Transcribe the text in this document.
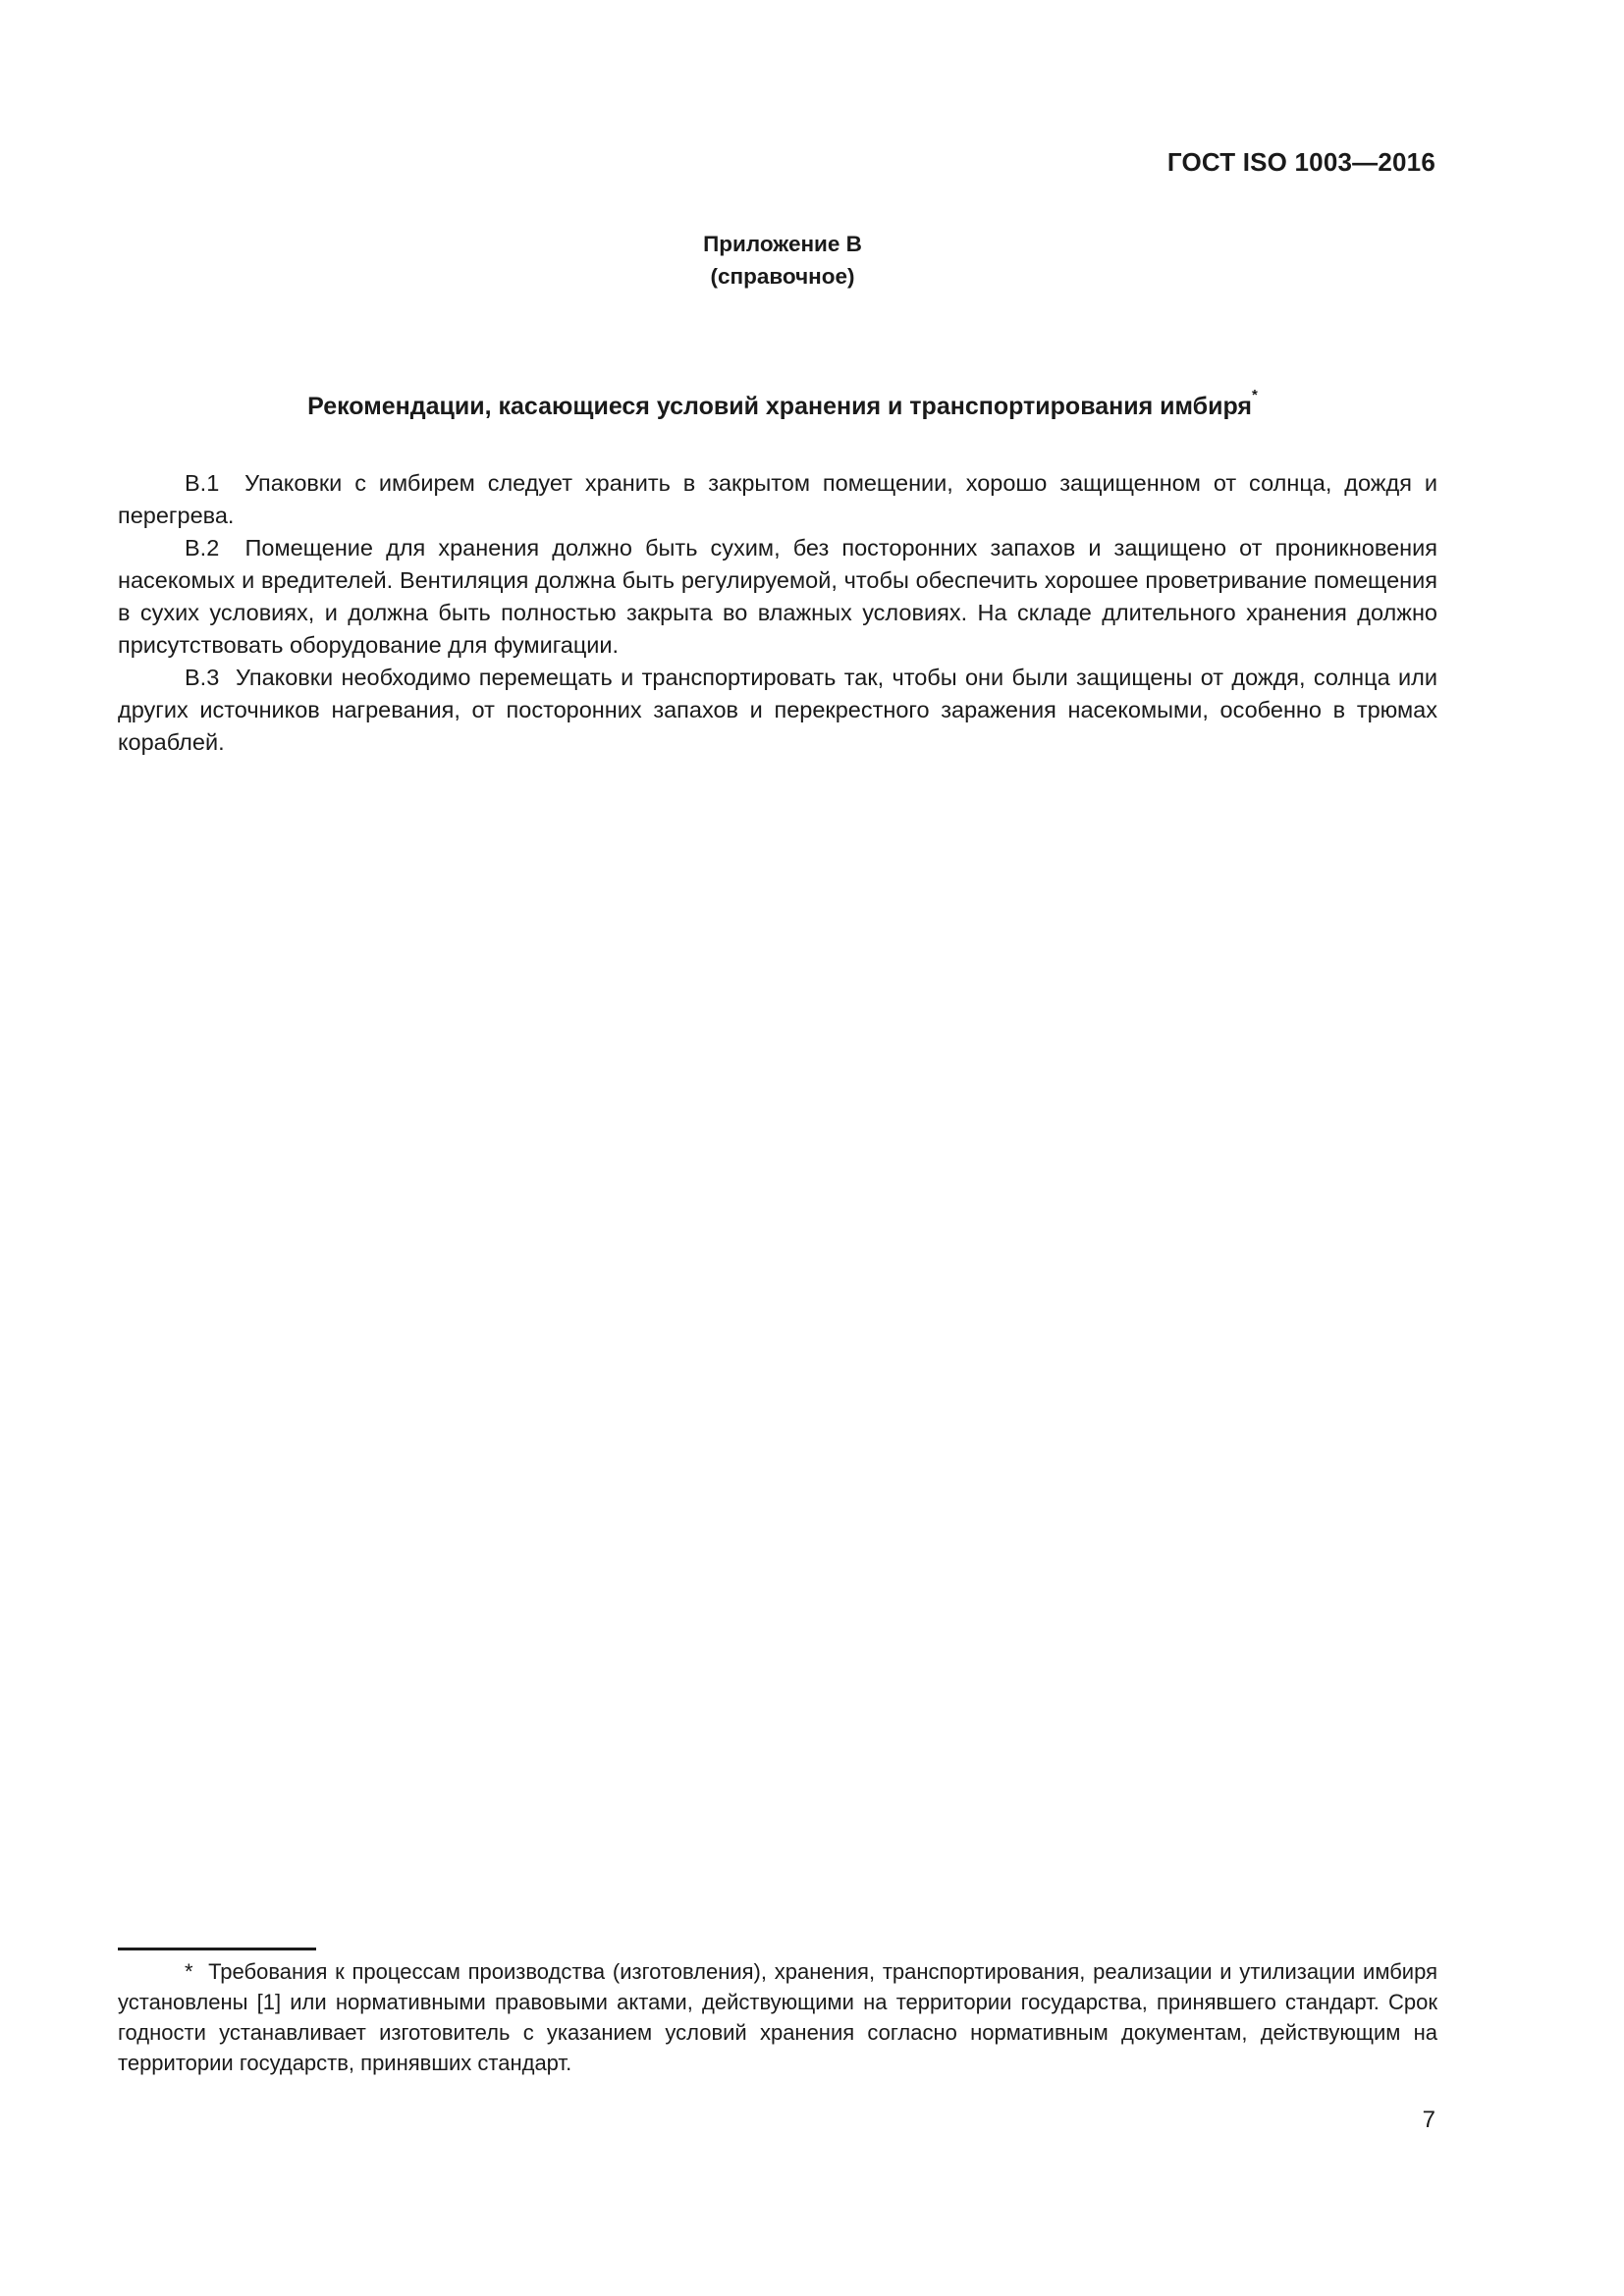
ГОСТ ISO 1003—2016
Приложение В
(справочное)
Рекомендации, касающиеся условий хранения и транспортирования имбиря*

В.1 Упаковки с имбирем следует хранить в закрытом помещении, хорошо защищенном от солнца, дождя и перегрева.

В.2 Помещение для хранения должно быть сухим, без посторонних запахов и защищено от проникновения насекомых и вредителей. Вентиляция должна быть регулируемой, чтобы обеспечить хорошее проветривание помещения в сухих условиях, и должна быть полностью закрыта во влажных условиях. На складе длительного хранения должно присутствовать оборудование для фумигации.

В.3 Упаковки необходимо перемещать и транспортировать так, чтобы они были защищены от дождя, солнца или других источников нагревания, от посторонних запахов и перекрестного заражения насекомыми, особенно в трюмах кораблей.

* Требования к процессам производства (изготовления), хранения, транспортирования, реализации и утилизации имбиря установлены [1] или нормативными правовыми актами, действующими на территории государства, принявшего стандарт. Срок годности устанавливает изготовитель с указанием условий хранения согласно нормативным документам, действующим на территории государств, принявших стандарт.

7
